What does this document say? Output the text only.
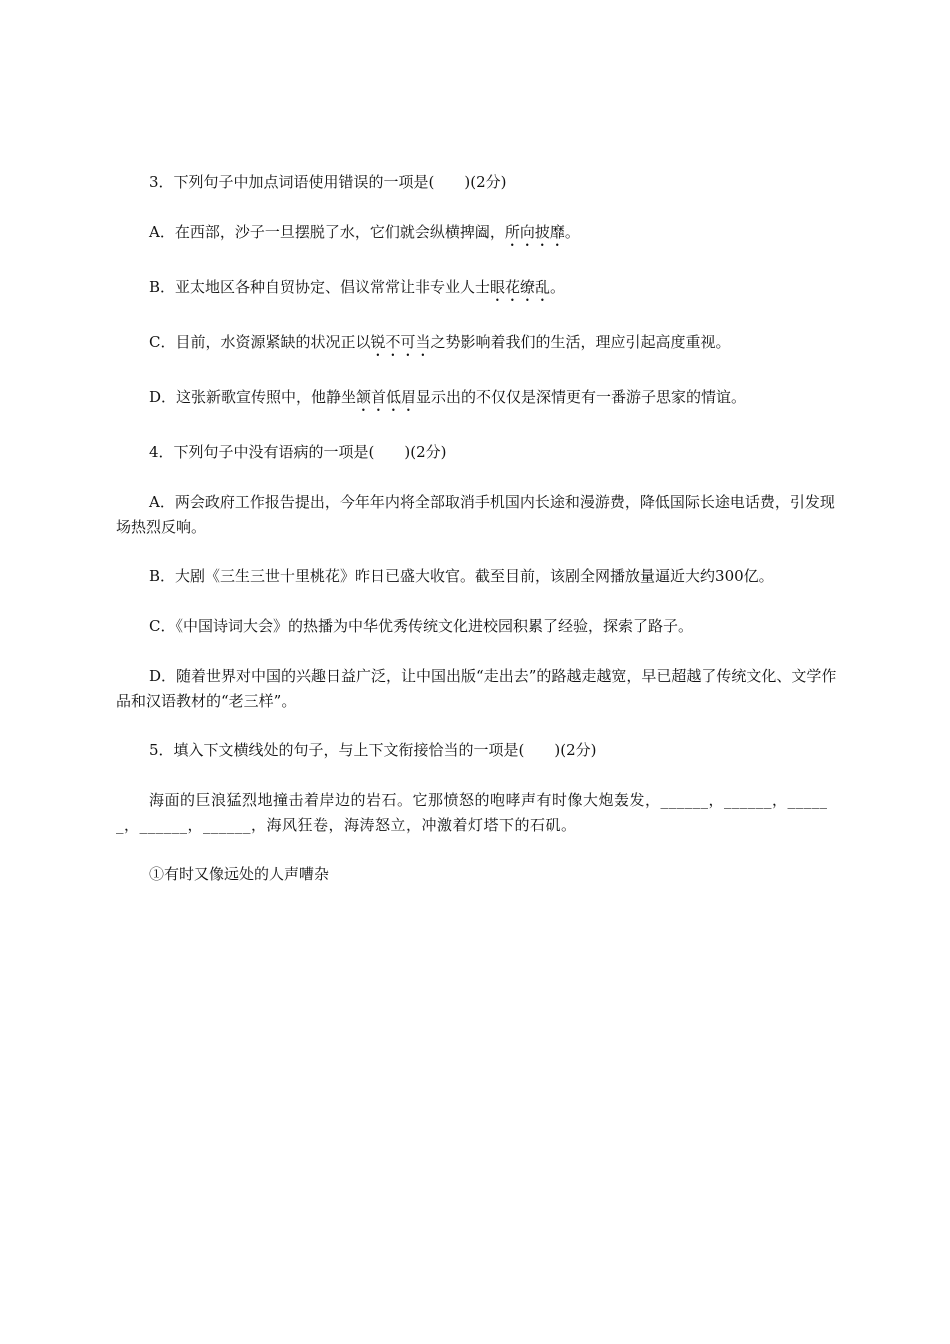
3．下列句子中加点词语使用错误的一项是(　　)(2分)

A．在西部，沙子一旦摆脱了水，它们就会纵横捭阖，所向披靡。

B．亚太地区各种自贸协定、倡议常常让非专业人士眼花缭乱。

C．目前，水资源紧缺的状况正以锐不可当之势影响着我们的生活，理应引起高度重视。

D．这张新歌宣传照中，他静坐颔首低眉显示出的不仅仅是深情更有一番游子思家的情谊。

4．下列句子中没有语病的一项是(　　)(2分)

A．两会政府工作报告提出，今年年内将全部取消手机国内长途和漫游费，降低国际长途电话费，引发现场热烈反响。

B．大剧《三生三世十里桃花》昨日已盛大收官。截至目前，该剧全网播放量逼近大约300亿。

C．《中国诗词大会》的热播为中华优秀传统文化进校园积累了经验，探索了路子。

D．随着世界对中国的兴趣日益广泛，让中国出版“走出去”的路越走越宽，早已超越了传统文化、文学作品和汉语教材的“老三样”。

5．填入下文横线处的句子，与上下文衔接恰当的一项是(　　)(2分)

海面的巨浪猛烈地撞击着岸边的岩石。它那愤怒的咆哮声有时像大炮轰发，______，______，______，______，______，海风狂卷，海涛怒立，冲激着灯塔下的石矶。

①有时又像远处的人声嘈杂
